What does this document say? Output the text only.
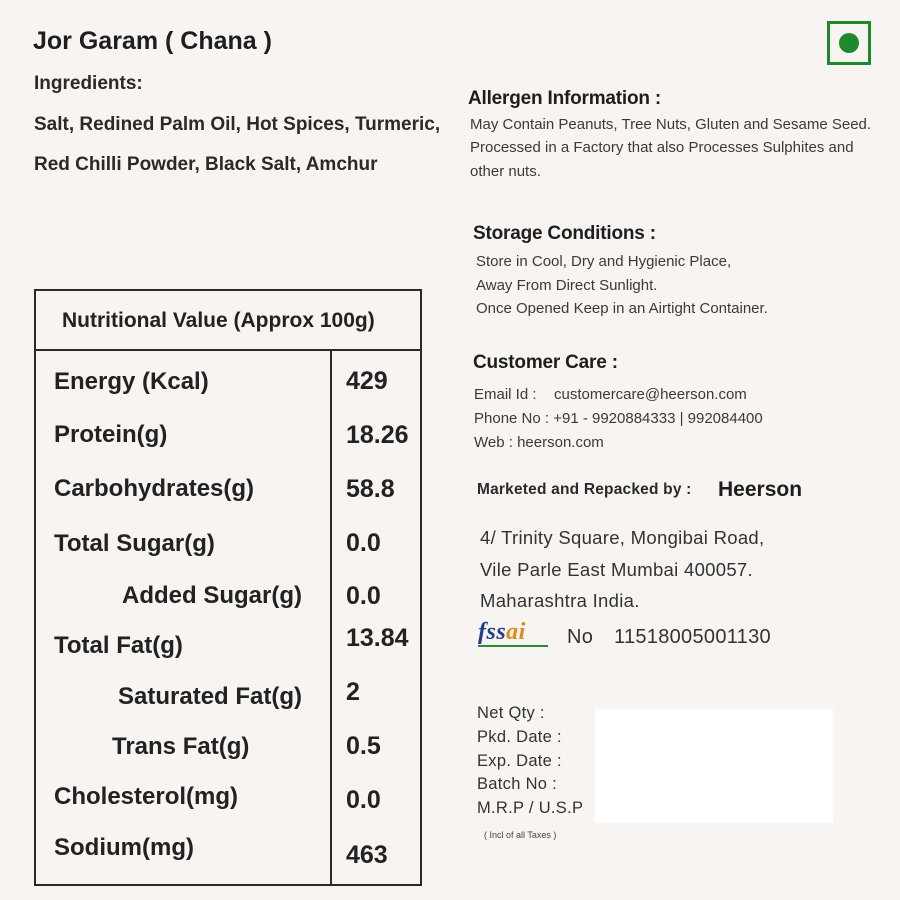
Jor Garam ( Chana )
Ingredients:
Salt, Redined Palm Oil, Hot Spices, Turmeric,
Red Chilli Powder, Black Salt, Amchur
Nutritional Value (Approx 100g)
Energy (Kcal)	429
Protein(g)	18.26
Carbohydrates(g)	58.8
Total Sugar(g)	0.0
Added Sugar(g) 0.0
Total Fat(g)	13.84
Saturated Fat(g) 2
Trans Fat(g)	0.5
Cholesterol(mg)	0.0
Sodium(mg)	463
Allergen Information :
May Contain Peanuts, Tree Nuts, Gluten and Sesame Seed.
Processed in a Factory that also Processes Sulphites and
other nuts.
Storage Conditions :
Store in Cool, Dry and Hygienic Place,
Away From Direct Sunlight.
Once Opened Keep in an Airtight Container.
Customer Care :
Email Id : customercare@heerson.com
Phone No : +91 - 9920884333 | 992084400
Web : heerson.com
Marketed and Repacked by : Heerson
4/ Trinity Square, Mongibai Road,
Vile Parle East Mumbai 400057.
Maharashtra India.
fssai No 11518005001130
Net Qty :
Pkd. Date :
Exp. Date :
Batch No :
M.R.P / U.S.P
( Incl of all Taxes )
